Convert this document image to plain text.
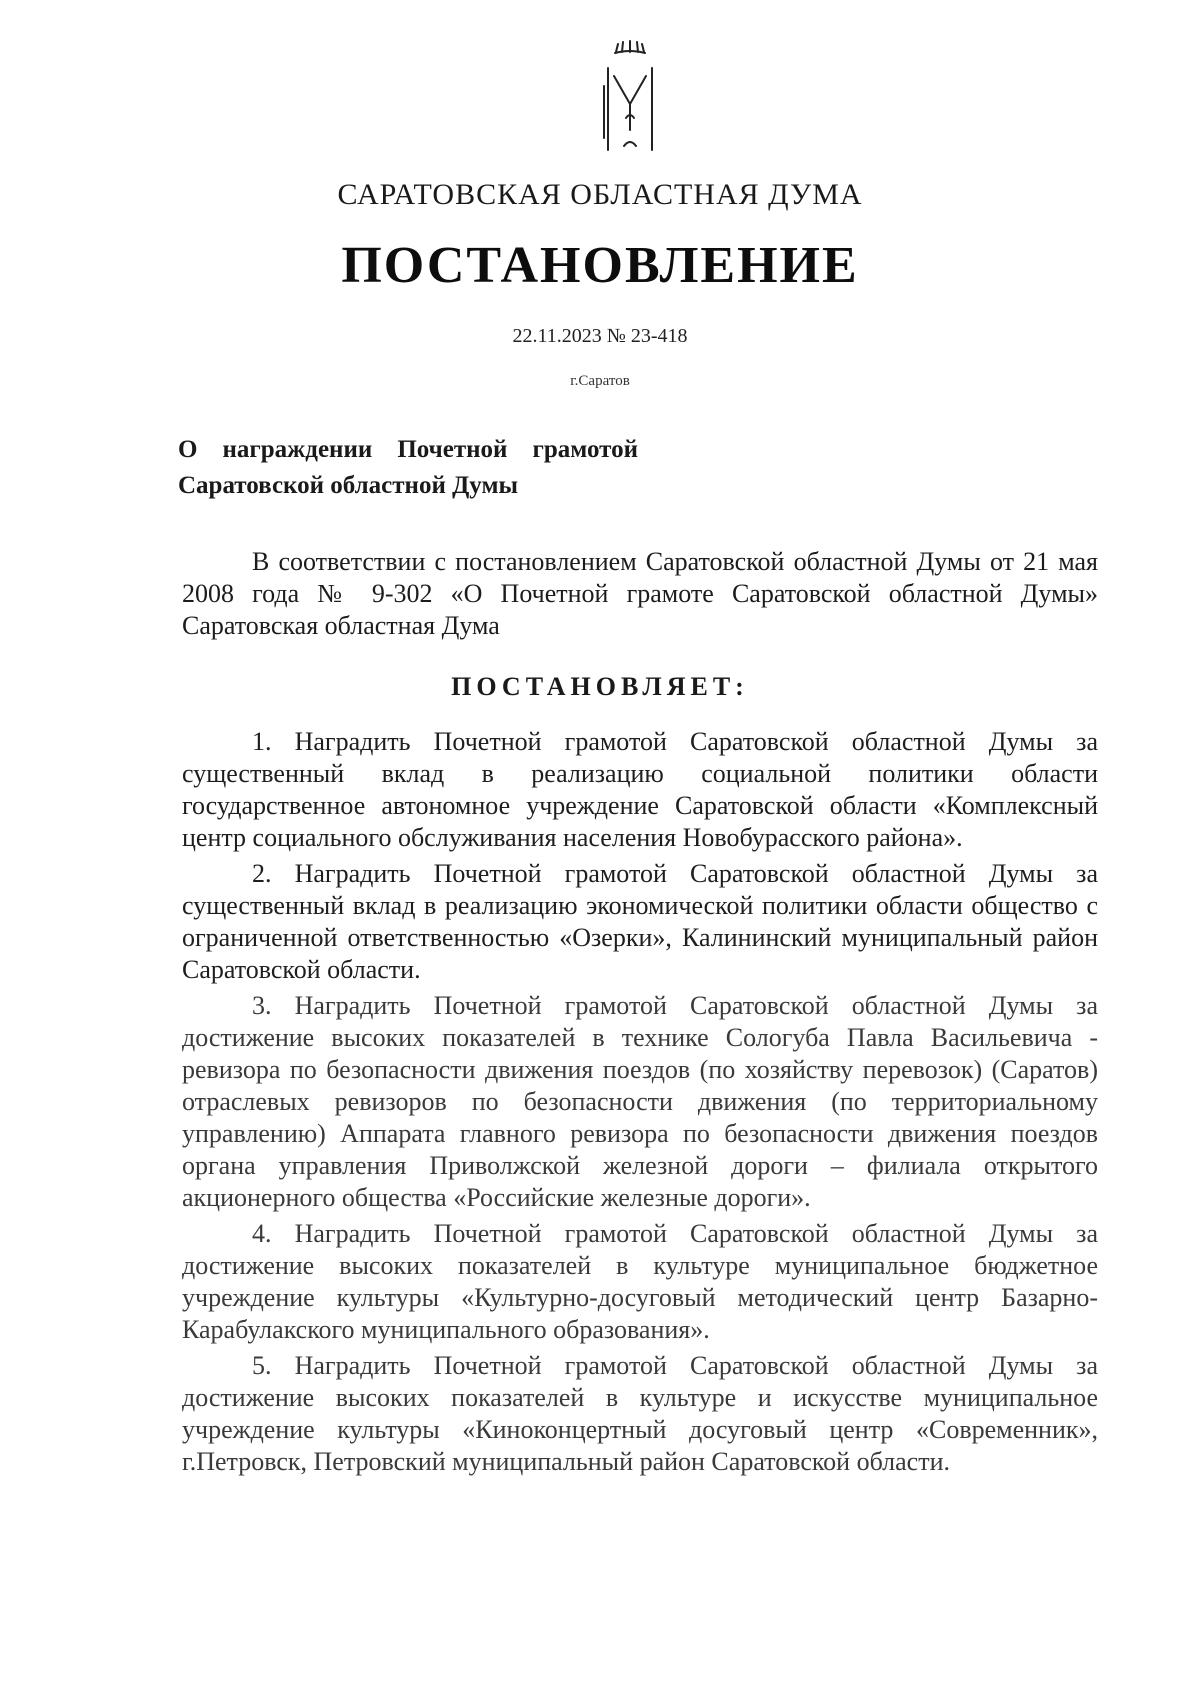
САРАТОВСКАЯ ОБЛАСТНАЯ ДУМА
ПОСТАНОВЛЕНИЕ
22.11.2023 № 23-418
г.Саратов
О награждении Почетной грамотой Саратовской областной Думы
В соответствии с постановлением Саратовской областной Думы от 21 мая 2008 года № 9-302 «О Почетной грамоте Саратовской областной Думы» Саратовская областная Дума
ПОСТАНОВЛЯЕТ:

1. Наградить Почетной грамотой Саратовской областной Думы за существенный вклад в реализацию социальной политики области государственное автономное учреждение Саратовской области «Комплексный центр социального обслуживания населения Новобурасского района».

2. Наградить Почетной грамотой Саратовской областной Думы за существенный вклад в реализацию экономической политики области общество с ограниченной ответственностью «Озерки», Калининский муниципальный район Саратовской области.

3. Наградить Почетной грамотой Саратовской областной Думы за достижение высоких показателей в технике Сологуба Павла Васильевича - ревизора по безопасности движения поездов (по хозяйству перевозок) (Саратов) отраслевых ревизоров по безопасности движения (по территориальному управлению) Аппарата главного ревизора по безопасности движения поездов органа управления Приволжской железной дороги – филиала открытого акционерного общества «Российские железные дороги».

4. Наградить Почетной грамотой Саратовской областной Думы за достижение высоких показателей в культуре муниципальное бюджетное учреждение культуры «Культурно-досуговый методический центр Базарно-Карабулакского муниципального образования».

5. Наградить Почетной грамотой Саратовской областной Думы за достижение высоких показателей в культуре и искусстве муниципальное учреждение культуры «Киноконцертный досуговый центр «Современник», г.Петровск, Петровский муниципальный район Саратовской области.
